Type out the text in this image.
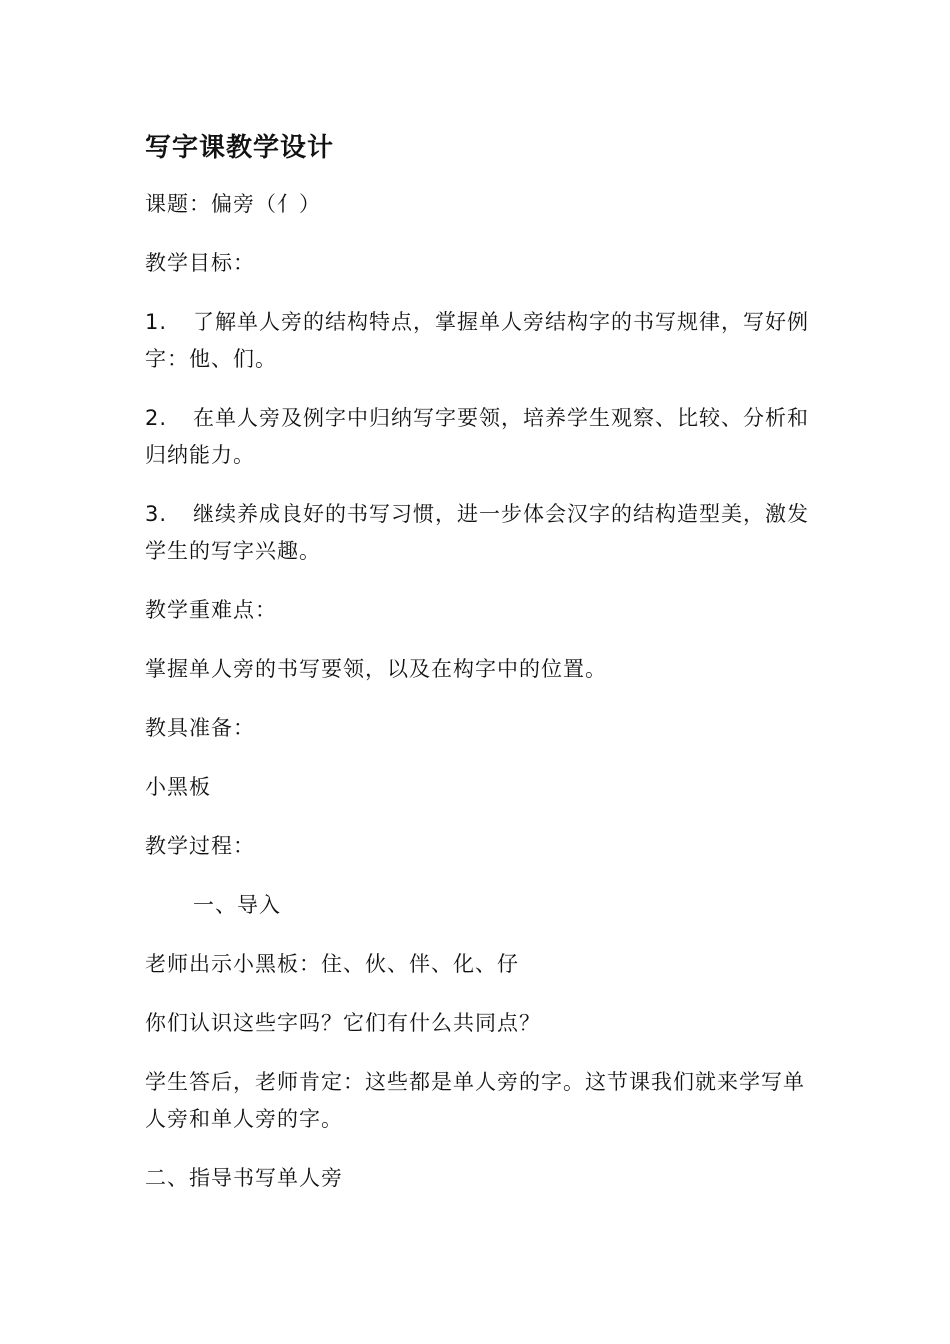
写字课教学设计
课题：偏旁（亻）
教学目标：
1. 了解单人旁的结构特点，掌握单人旁结构字的书写规律，写好例字：他、们。
2. 在单人旁及例字中归纳写字要领，培养学生观察、比较、分析和归纳能力。
3. 继续养成良好的书写习惯，进一步体会汉字的结构造型美，激发学生的写字兴趣。
教学重难点：
掌握单人旁的书写要领，以及在构字中的位置。
教具准备：
小黑板
教学过程：
一、导入
老师出示小黑板：住、伙、伴、化、仔
你们认识这些字吗？它们有什么共同点？
学生答后，老师肯定：这些都是单人旁的字。这节课我们就来学写单人旁和单人旁的字。
二、指导书写单人旁
